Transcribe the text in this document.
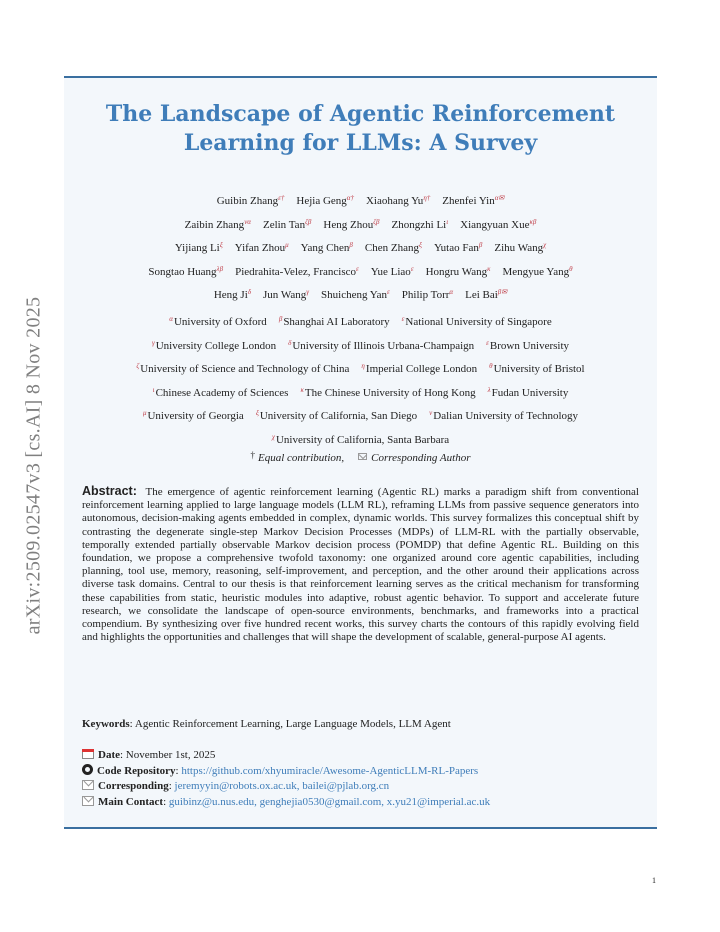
arXiv:2509.02547v3 [cs.AI] 8 Nov 2025
The Landscape of Agentic Reinforcement
Learning for LLMs: A Survey
Guibin Zhang$^{\varepsilon\dagger}$ Hejia Geng$^{\alpha\dagger}$ Xiaohang $Yu^{\eta\dagger}$ Zhenfei Yin$^{\alpha✉}$
Zaibin Zhang$^{\nu\alpha}$ Zelin Tan$^{\zeta\beta}$ Heng Zhou$^{\zeta\beta}$ Zhongzhi $Li^\iota$ Xiangyuan Xue$^{\kappa\beta}$
Yijiang $Li^\xi$ Yifan Zhou$^\mu$ Yang Chen$^\beta$ Chen Zhang$^\xi$ Yutao Fan$^\beta$ Zihu Wang$^\chi$
Songtao Huang$^{\lambda\beta}$ Piedrahita-Velez, Francisco$^\varepsilon$ Yue Liao$^\varepsilon$ Hongru Wang$^\kappa$ Mengyue Yang$^\theta$
Heng $Ji^\delta$ Jun Wang$^\gamma$ Shuicheng Yan$^\varepsilon$ Philip Torr$^\alpha$ Lei Bai$^{\beta✉}$
$^\alpha$University of Oxford $^\beta$Shanghai AI Laboratory $^\varepsilon$National University of Singapore
$^\gamma$University College London $^\delta$University of Illinois Urbana-Champaign $^\varepsilon$Brown University
$^\zeta$University of Science and Technology of China $^\eta$Imperial College London $^\theta$University of Bristol
$^\iota$Chinese Academy of Sciences $^\kappa$The Chinese University of Hong Kong $^\lambda$Fudan University
$^\mu$University of Georgia $^\xi$University of California, San Diego $^\nu$Dalian University of Technology
$^\chi$University of California, Santa Barbara
† Equal contribution, Corresponding Author
Abstract: The emergence of agentic reinforcement learning (Agentic RL) marks a paradigm shift from conventional reinforcement learning applied to large language models (LLM RL), reframing LLMs from passive sequence generators into autonomous, decision-making agents embedded in complex, dynamic worlds. This survey formalizes this conceptual shift by contrasting the degenerate single-step Markov Decision Processes (MDPs) of LLM-RL with the partially observable, temporally extended partially observable Markov decision process (POMDP) that define Agentic RL. Building on this foundation, we propose a comprehensive twofold taxonomy: one organized around core agentic capabilities, including planning, tool use, memory, reasoning, self-improvement, and perception, and the other around their applications across diverse task domains. Central to our thesis is that reinforcement learning serves as the critical mechanism for transforming these capabilities from static, heuristic modules into adaptive, robust agentic behavior. To support and accelerate future research, we consolidate the landscape of open-source environments, benchmarks, and frameworks into a practical compendium. By synthesizing over five hundred recent works, this survey charts the contours of this rapidly evolving field and highlights the opportunities and challenges that will shape the development of scalable, general-purpose AI agents.
Keywords: Agentic Reinforcement Learning, Large Language Models, LLM Agent
Date: November 1st, 2025
Code Repository: https://github.com/xhyumiracle/Awesome-AgenticLLM-RL-Papers
Corresponding: jeremyyin@robots.ox.ac.uk, bailei@pjlab.org.cn
Main Contact: guibinz@u.nus.edu, genghejia0530@gmail.com, x.yu21@imperial.ac.uk
1
